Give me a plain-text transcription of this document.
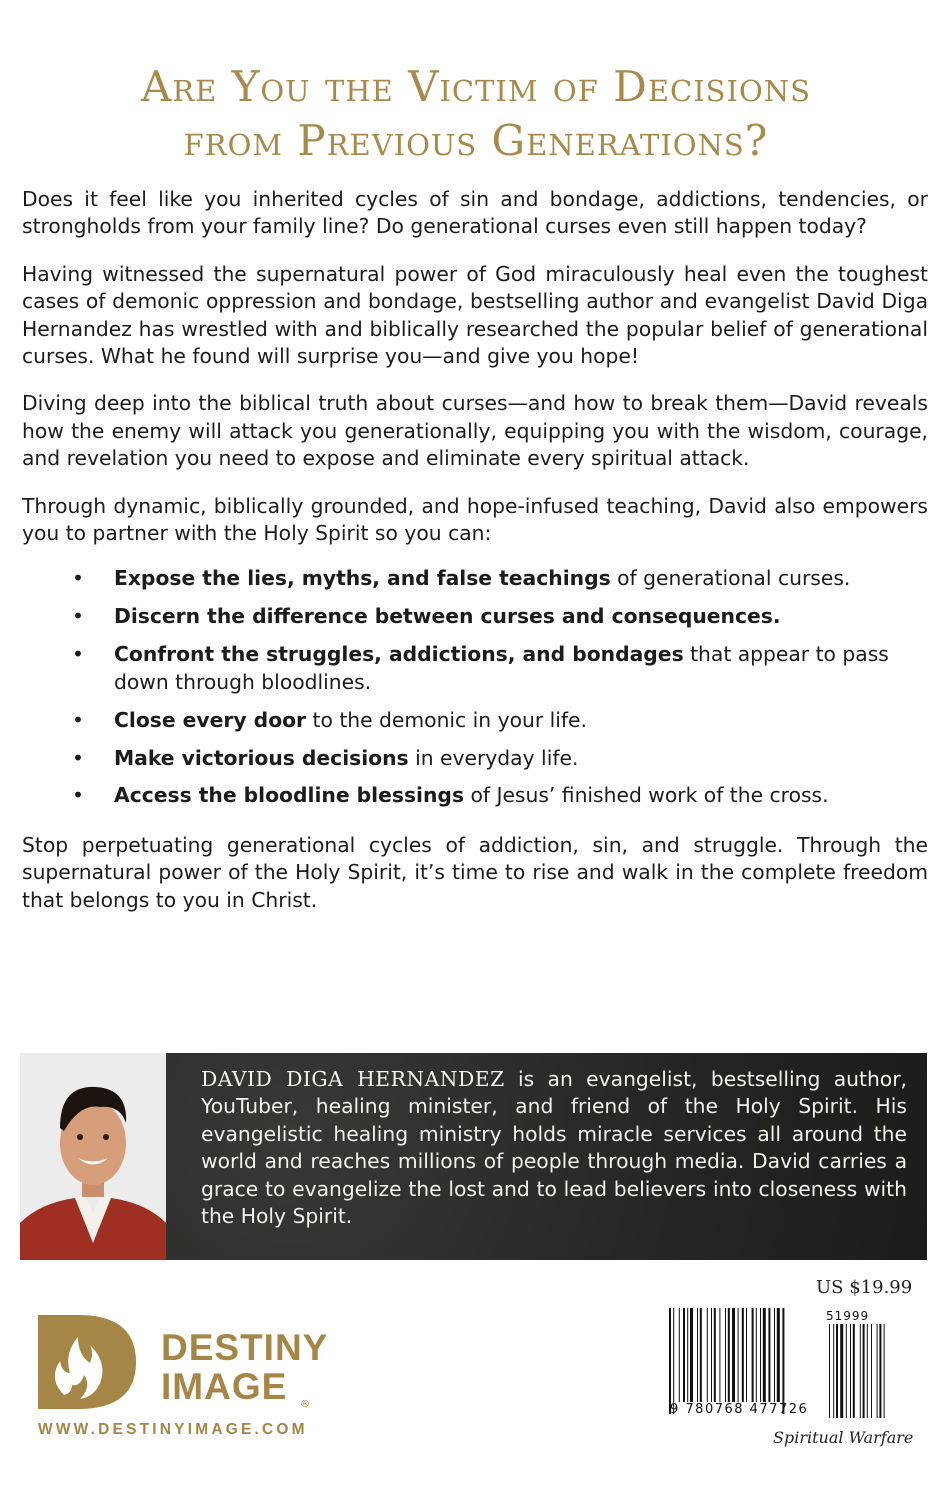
Are You the Victim of Decisions
from Previous Generations?

Does it feel like you inherited cycles of sin and bondage, addictions, tendencies, or strongholds from your family line? Do generational curses even still happen today?

Having witnessed the supernatural power of God miraculously heal even the toughest cases of demonic oppression and bondage, bestselling author and evangelist David Diga Hernandez has wrestled with and biblically researched the popular belief of generational curses. What he found will surprise you—and give you hope!

Diving deep into the biblical truth about curses—and how to break them—David reveals how the enemy will attack you generationally, equipping you with the wisdom, courage, and revelation you need to expose and eliminate every spiritual attack.

Through dynamic, biblically grounded, and hope-infused teaching, David also empowers you to partner with the Holy Spirit so you can:

• Expose the lies, myths, and false teachings of generational curses.
• Discern the difference between curses and consequences.
• Confront the struggles, addictions, and bondages that appear to pass down through bloodlines.
• Close every door to the demonic in your life.
• Make victorious decisions in everyday life.
• Access the bloodline blessings of Jesus’ finished work of the cross.

Stop perpetuating generational cycles of addiction, sin, and struggle. Through the supernatural power of the Holy Spirit, it’s time to rise and walk in the complete freedom that belongs to you in Christ.

DAVID DIGA HERNANDEZ is an evangelist, bestselling author, YouTuber, healing minister, and friend of the Holy Spirit. His evangelistic healing ministry holds miracle services all around the world and reaches millions of people through media. David carries a grace to evangelize the lost and to lead believers into closeness with the Holy Spirit.
DESTINY
IMAGE ®
WWW.DESTINYIMAGE.COM
US $19.99
51999
9 780768 477726
Spiritual Warfare
